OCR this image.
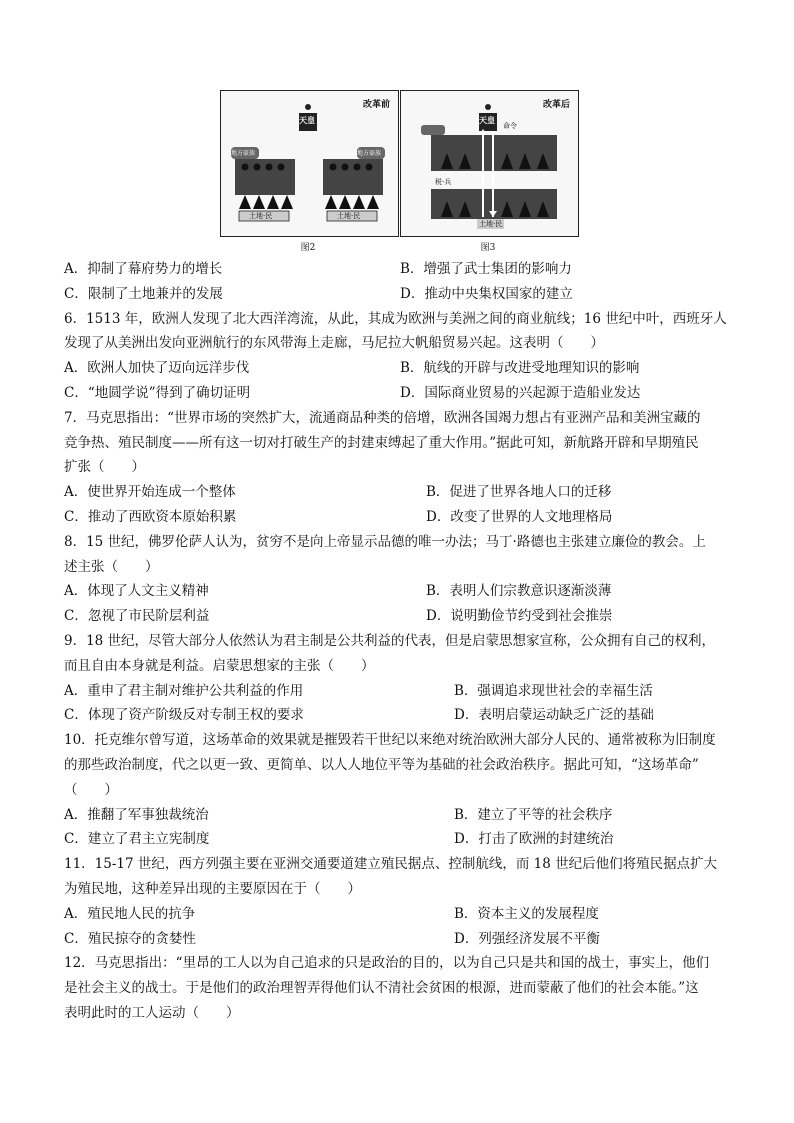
改革前
天皇
地方豪族	地方豪族
土地·民	土地·民
图2
改革后
天皇
命令
税·兵
土地·民
图3
A．抑制了幕府势力的增长	B．增强了武士集团的影响力
C．限制了土地兼并的发展	D．推动中央集权国家的建立

6．1513 年，欧洲人发现了北大西洋湾流，从此，其成为欧洲与美洲之间的商业航线；16 世纪中叶，西班牙人

发现了从美洲出发向亚洲航行的东风带海上走廊，马尼拉大帆船贸易兴起。这表明（　　）

A．欧洲人加快了迈向远洋步伐	B．航线的开辟与改进受地理知识的影响
C．“地圆学说”得到了确切证明	D．国际商业贸易的兴起源于造船业发达

7．马克思指出：“世界市场的突然扩大，流通商品种类的倍增，欧洲各国竭力想占有亚洲产品和美洲宝藏的

竞争热、殖民制度——所有这一切对打破生产的封建束缚起了重大作用。”据此可知，新航路开辟和早期殖民

扩张（　　）

A．使世界开始连成一个整体	B．促进了世界各地人口的迁移
C．推动了西欧资本原始积累	D．改变了世界的人文地理格局

8．15 世纪，佛罗伦萨人认为，贫穷不是向上帝显示品德的唯一办法；马丁·路德也主张建立廉俭的教会。上

述主张（　　）

A．体现了人文主义精神	B．表明人们宗教意识逐渐淡薄
C．忽视了市民阶层利益	D．说明勤俭节约受到社会推崇

9．18 世纪，尽管大部分人依然认为君主制是公共利益的代表，但是启蒙思想家宣称，公众拥有自己的权利，

而且自由本身就是利益。启蒙思想家的主张（　　）

A．重申了君主制对维护公共利益的作用	B．强调追求现世社会的幸福生活
C．体现了资产阶级反对专制王权的要求	D．表明启蒙运动缺乏广泛的基础

10．托克维尔曾写道，这场革命的效果就是摧毁若干世纪以来绝对统治欧洲大部分人民的、通常被称为旧制度

的那些政治制度，代之以更一致、更简单、以人人地位平等为基础的社会政治秩序。据此可知，“这场革命”

（　　）

A．推翻了军事独裁统治	B．建立了平等的社会秩序
C．建立了君主立宪制度	D．打击了欧洲的封建统治

11．15-17 世纪，西方列强主要在亚洲交通要道建立殖民据点、控制航线，而 18 世纪后他们将殖民据点扩大

为殖民地，这种差异出现的主要原因在于（　　）

A．殖民地人民的抗争	B．资本主义的发展程度
C．殖民掠夺的贪婪性	D．列强经济发展不平衡

12．马克思指出：“里昂的工人以为自己追求的只是政治的目的，以为自己只是共和国的战士，事实上，他们

是社会主义的战士。于是他们的政治理智弄得他们认不清社会贫困的根源，进而蒙蔽了他们的社会本能。”这

表明此时的工人运动（　　）
